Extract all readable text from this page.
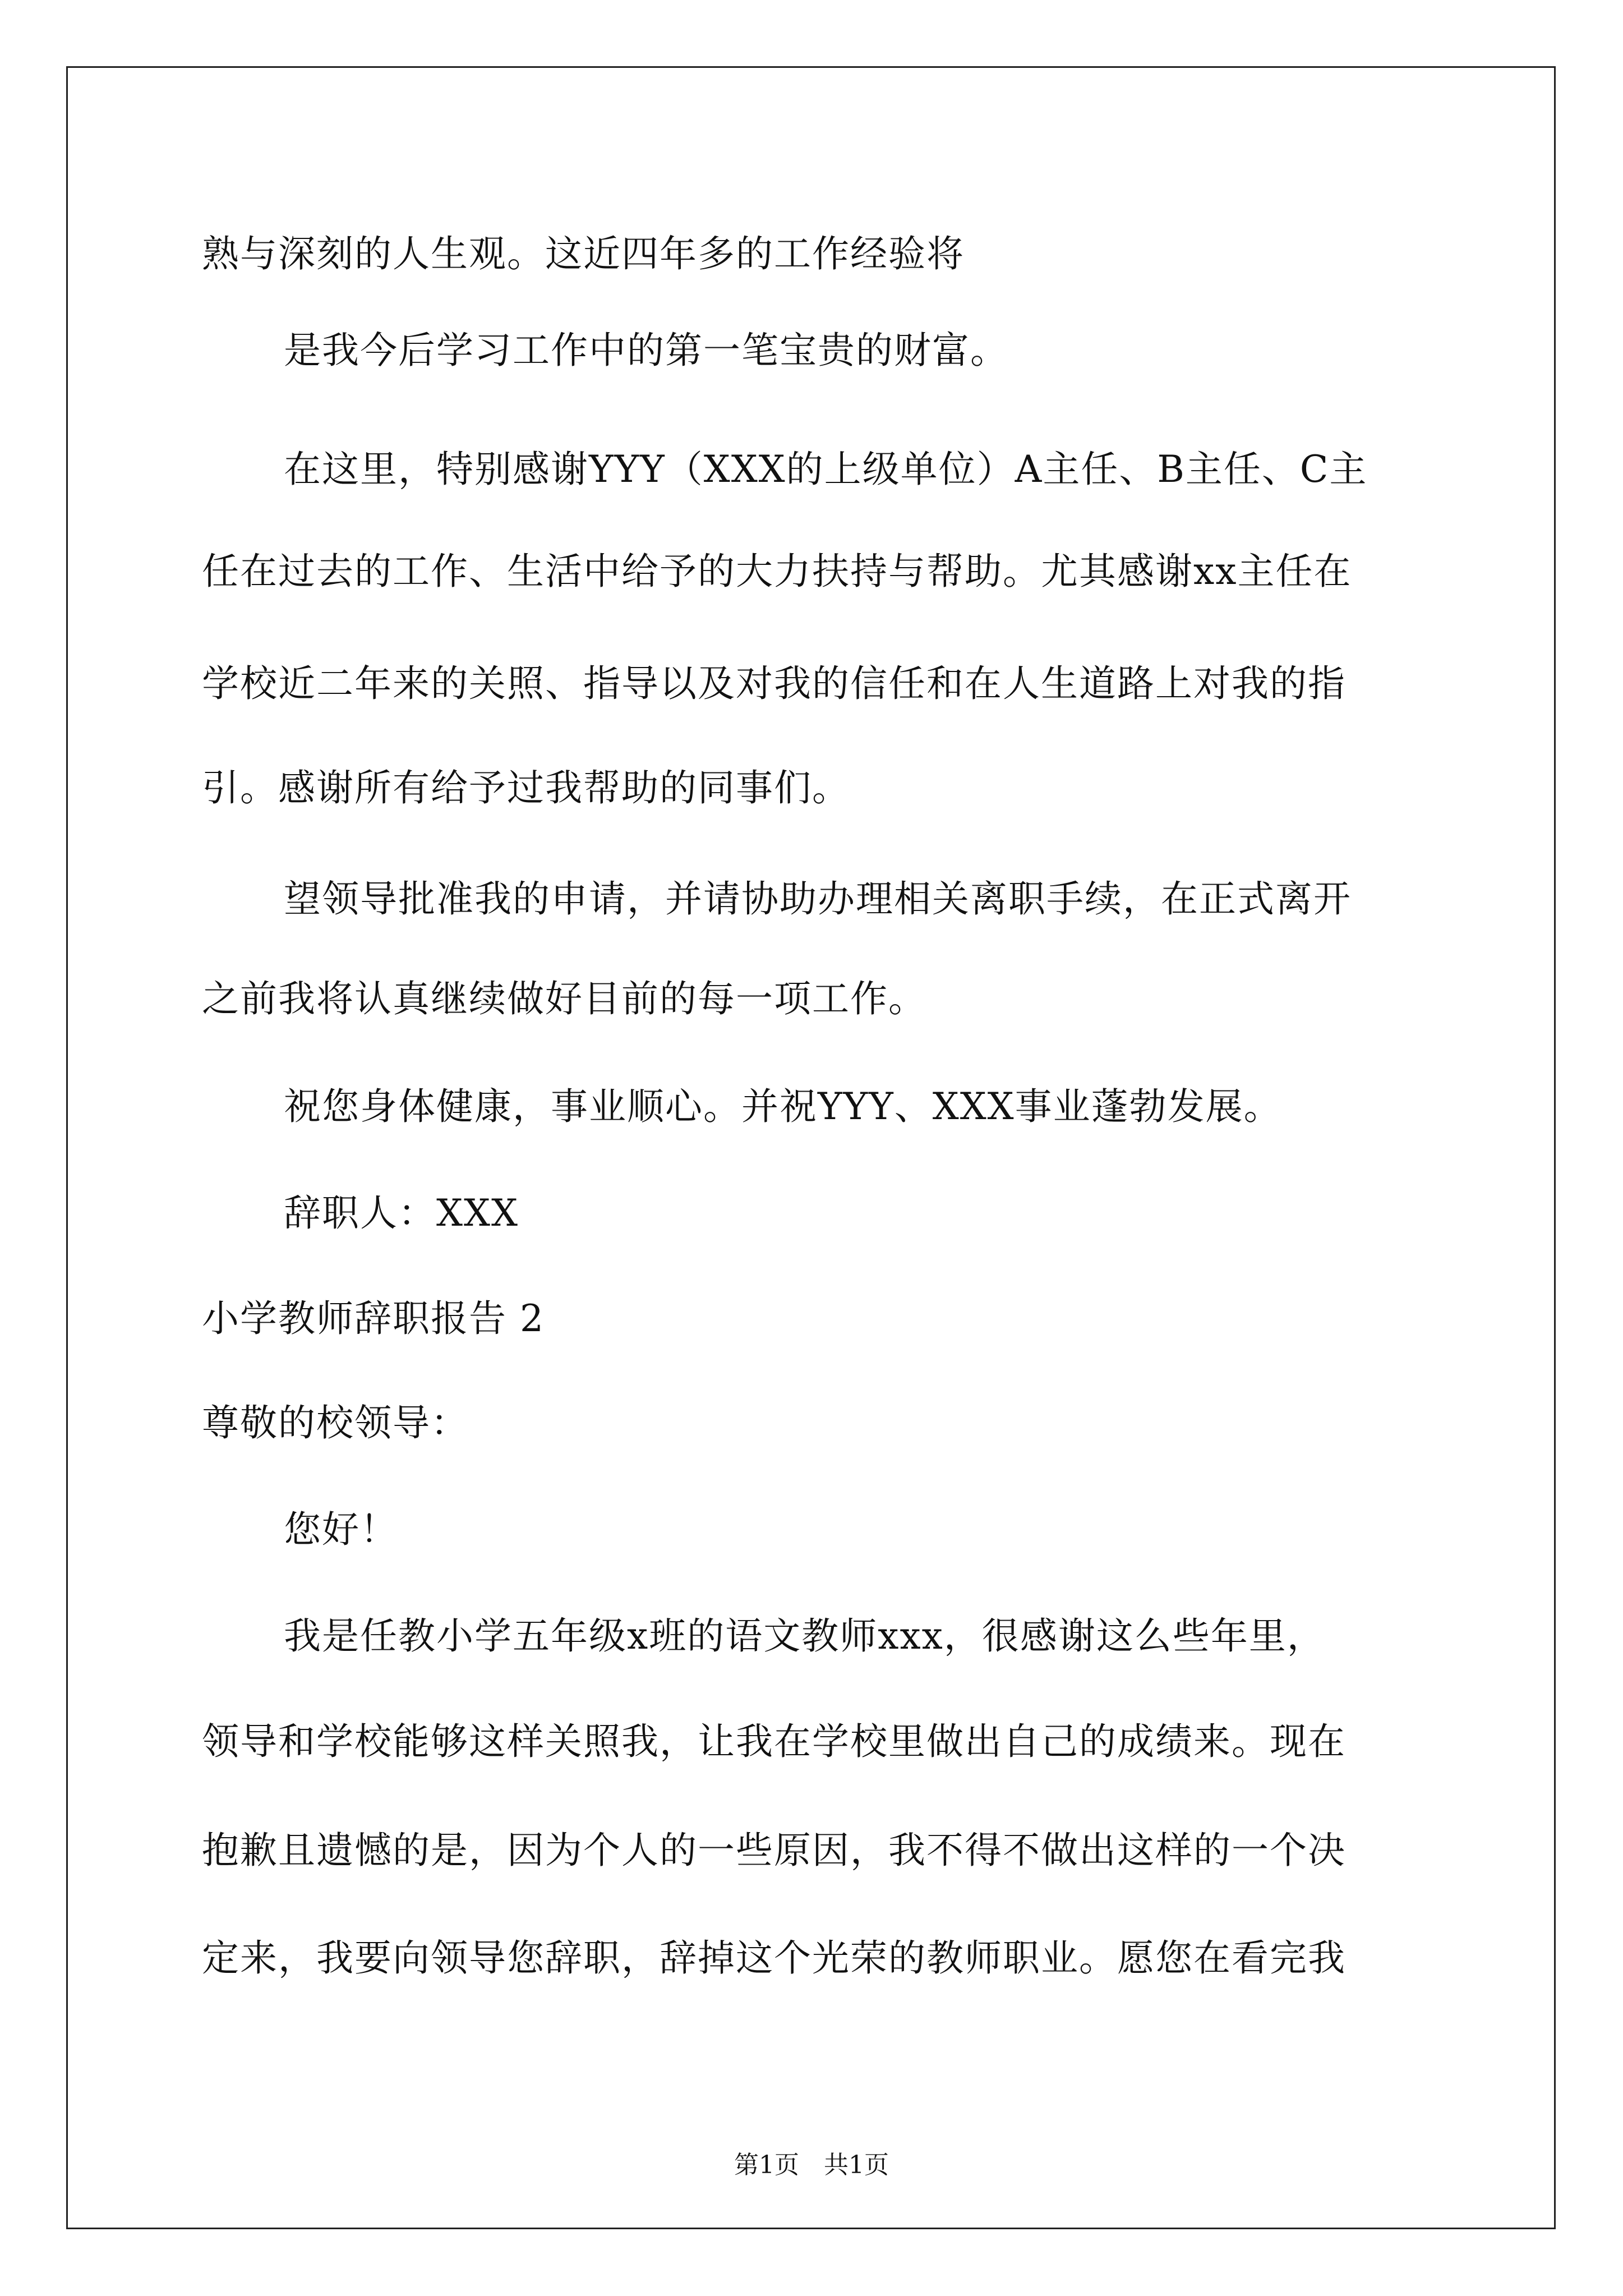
熟与深刻的人生观。这近四年多的工作经验将
是我今后学习工作中的第一笔宝贵的财富。
在这里，特别感谢YYY（XXX的上级单位）A主任、B主任、C主
任在过去的工作、生活中给予的大力扶持与帮助。尤其感谢xx主任在
学校近二年来的关照、指导以及对我的信任和在人生道路上对我的指
引。感谢所有给予过我帮助的同事们。
望领导批准我的申请，并请协助办理相关离职手续，在正式离开
之前我将认真继续做好目前的每一项工作。
祝您身体健康，事业顺心。并祝YYY、XXX事业蓬勃发展。
辞职人：XXX
小学教师辞职报告 2
尊敬的校领导：
您好！
我是任教小学五年级x班的语文教师xxx，很感谢这么些年里，
领导和学校能够这样关照我，让我在学校里做出自己的成绩来。现在
抱歉且遗憾的是，因为个人的一些原因，我不得不做出这样的一个决
定来，我要向领导您辞职，辞掉这个光荣的教师职业。愿您在看完我
第1页 共1页
